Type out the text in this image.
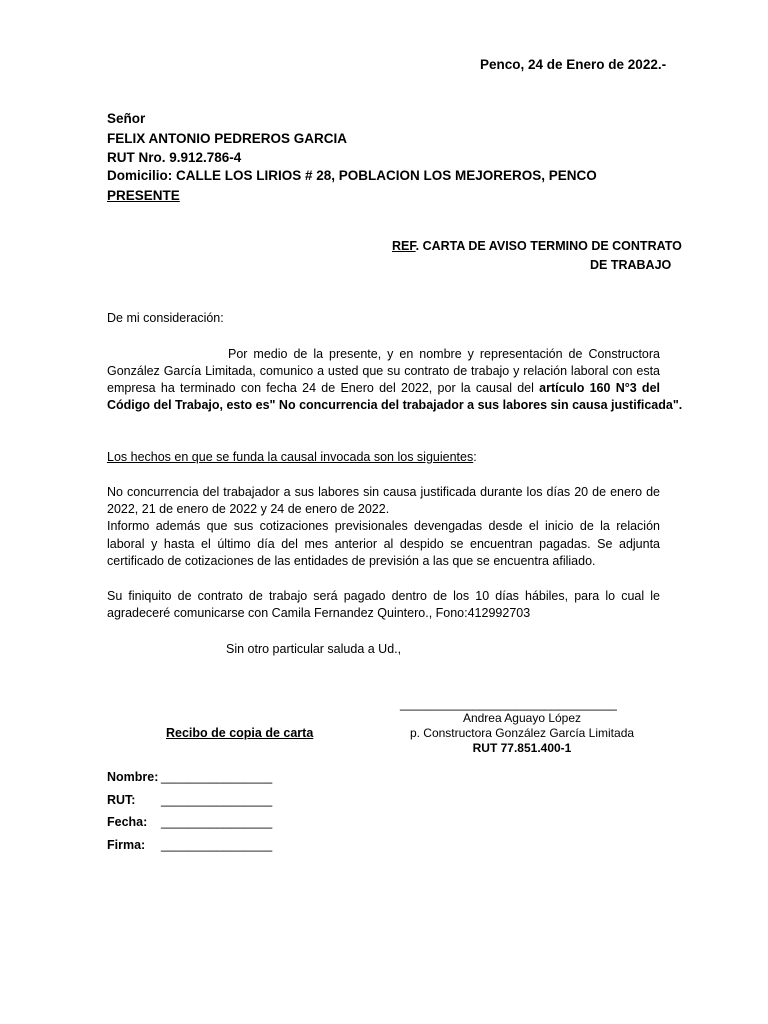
Penco, 24 de Enero de 2022.-
Señor
FELIX ANTONIO PEDREROS GARCIA
RUT Nro. 9.912.786-4
Domicilio: CALLE LOS LIRIOS # 28, POBLACION LOS MEJOREROS, PENCO
PRESENTE
REF. CARTA DE AVISO TERMINO DE CONTRATO
DE TRABAJO
De mi consideración:
Por medio de la presente, y en nombre y representación de Constructora
González García Limitada, comunico a usted que su contrato de trabajo y relación laboral con esta
empresa ha terminado con fecha 24 de Enero del 2022, por la causal del artículo 160 N°3 del
Código del Trabajo, esto es" No concurrencia del trabajador a sus labores sin causa justificada".
Los hechos en que se funda la causal invocada son los siguientes:
No concurrencia del trabajador a sus labores sin causa justificada durante los días 20 de enero de
2022, 21 de enero de 2022 y 24 de enero de 2022.
Informo además que sus cotizaciones previsionales devengadas desde el inicio de la relación
laboral y hasta el último día del mes anterior al despido se encuentran pagadas. Se adjunta
certificado de cotizaciones de las entidades de previsión a las que se encuentra afiliado.
Su finiquito de contrato de trabajo será pagado dentro de los 10 días hábiles, para lo cual le
agradeceré comunicarse con Camila Fernandez Quintero., Fono:412992703
Sin otro particular saluda a Ud.,
______________________________
Andrea Aguayo López
p. Constructora González García Limitada
RUT 77.851.400-1
Recibo de copia de carta
Nombre: ________________
RUT: ________________
Fecha: ________________
Firma: ________________
